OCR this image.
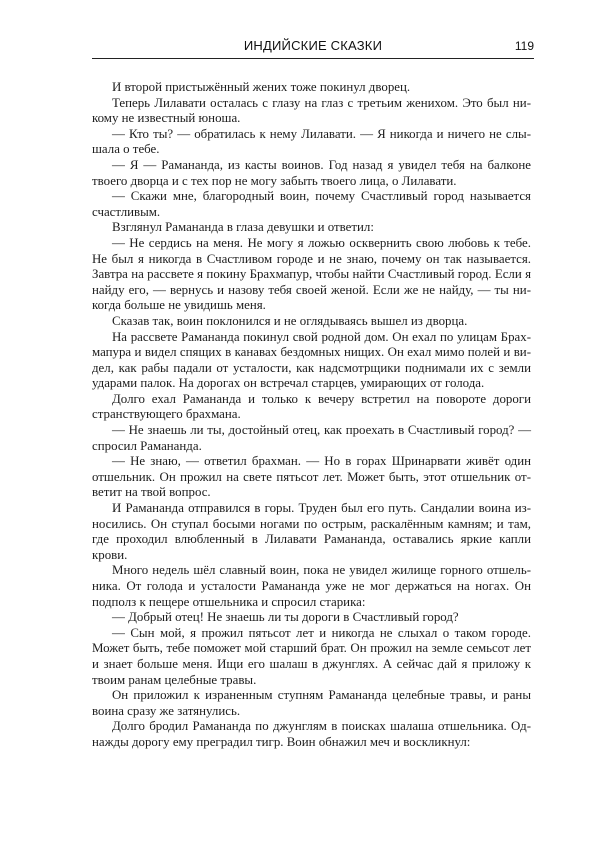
ИНДИЙСКИЕ СКАЗКИ	119

И второй пристыжённый жених тоже покинул дворец.

Теперь Лилавати осталась с глазу на глаз с третьим женихом. Это был никому не известный юноша.

— Кто ты? — обратилась к нему Лилавати. — Я никогда и ничего не слышала о тебе.

— Я — Рамананда, из касты воинов. Год назад я увидел тебя на балконе твоего дворца и с тех пор не могу забыть твоего лица, о Лилавати.

— Скажи мне, благородный воин, почему Счастливый город называется счастливым.

Взглянул Рамананда в глаза девушки и ответил:

— Не сердись на меня. Не могу я ложью осквернить свою любовь к тебе. Не был я никогда в Счастливом городе и не знаю, почему он так называется. Завтра на рассвете я покину Брахмапур, чтобы найти Счастливый город. Если я найду его, — вернусь и назову тебя своей женой. Если же не найду, — ты никогда больше не увидишь меня.

Сказав так, воин поклонился и не оглядываясь вышел из дворца.

На рассвете Рамананда покинул свой родной дом. Он ехал по улицам Брахмапура и видел спящих в канавах бездомных нищих. Он ехал мимо полей и видел, как рабы падали от усталости, как надсмотрщики поднимали их с земли ударами палок. На дорогах он встречал старцев, умирающих от голода.

Долго ехал Рамананда и только к вечеру встретил на повороте дороги странствующего брахмана.

— Не знаешь ли ты, достойный отец, как проехать в Счастливый город? — спросил Рамананда.

— Не знаю, — ответил брахман. — Но в горах Шринарвати живёт один отшельник. Он прожил на свете пятьсот лет. Может быть, этот отшельник ответит на твой вопрос.

И Рамананда отправился в горы. Труден был его путь. Сандалии воина износились. Он ступал босыми ногами по острым, раскалённым камням; и там, где проходил влюбленный в Лилавати Рамананда, оставались яркие капли крови.

Много недель шёл славный воин, пока не увидел жилище горного отшельника. От голода и усталости Рамананда уже не мог держаться на ногах. Он подполз к пещере отшельника и спросил старика:

— Добрый отец! Не знаешь ли ты дороги в Счастливый город?

— Сын мой, я прожил пятьсот лет и никогда не слыхал о таком городе. Может быть, тебе поможет мой старший брат. Он прожил на земле семьсот лет и знает больше меня. Ищи его шалаш в джунглях. А сейчас дай я приложу к твоим ранам целебные травы.

Он приложил к израненным ступням Рамананда целебные травы, и раны воина сразу же затянулись.

Долго бродил Рамананда по джунглям в поисках шалаша отшельника. Однажды дорогу ему преградил тигр. Воин обнажил меч и воскликнул:
